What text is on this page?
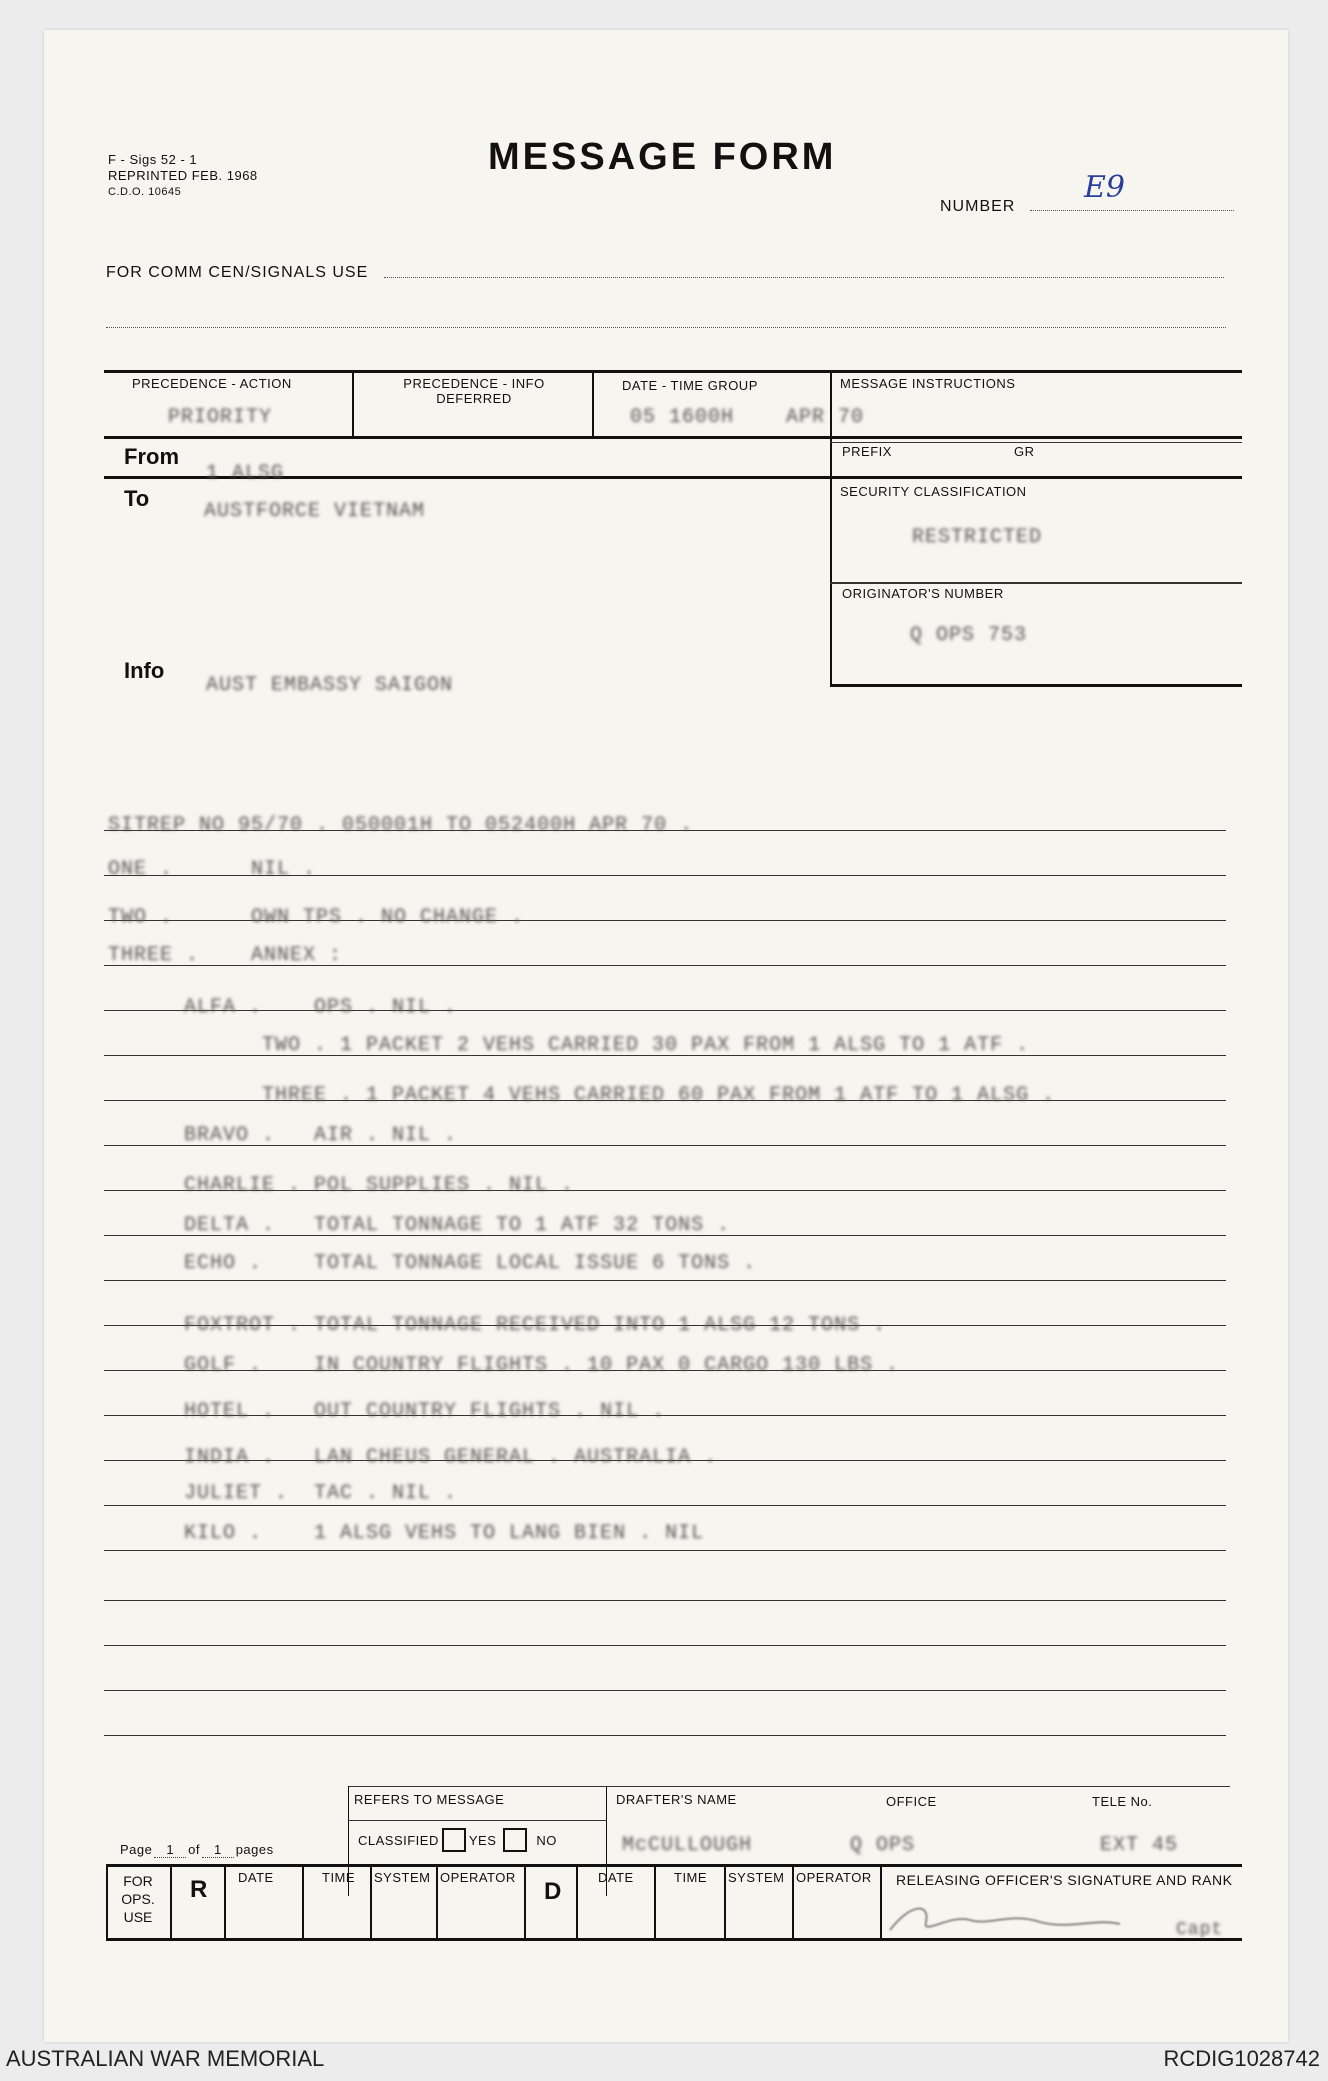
F - Sigs 52 - 1
REPRINTED FEB. 1968
C.D.O. 10645
MESSAGE FORM
NUMBER
E9
FOR COMM CEN/SIGNALS USE
PRECEDENCE - ACTION
PRIORITY
PRECEDENCE - INFO
DEFERRED
DATE - TIME GROUP
05 1600H	APR 70
MESSAGE INSTRUCTIONS
PREFIX	GR
SECURITY CLASSIFICATION
RESTRICTED
ORIGINATOR'S NUMBER
Q OPS 753
From
1 ALSG
To
AUSTFORCE VIETNAM
Info
AUST EMBASSY SAIGON
SITREP NO 95/70 . 050001H TO 052400H APR 70 .
ONE .      NIL .
TWO .      OWN TPS . NO CHANGE .
THREE .    ANNEX :
ALFA .    OPS . NIL .
TWO . 1 PACKET 2 VEHS CARRIED 30 PAX FROM 1 ALSG TO 1 ATF .
THREE . 1 PACKET 4 VEHS CARRIED 60 PAX FROM 1 ATF TO 1 ALSG .
BRAVO .   AIR . NIL .
CHARLIE . POL SUPPLIES . NIL .
DELTA .   TOTAL TONNAGE TO 1 ATF 32 TONS .
ECHO .    TOTAL TONNAGE LOCAL ISSUE 6 TONS .
FOXTROT . TOTAL TONNAGE RECEIVED INTO 1 ALSG 12 TONS .
GOLF .    IN COUNTRY FLIGHTS . 10 PAX 0 CARGO 130 LBS .
HOTEL .   OUT COUNTRY FLIGHTS . NIL .
INDIA .   LAN CHEUS GENERAL . AUSTRALIA .
JULIET .  TAC . NIL .
KILO .    1 ALSG VEHS TO LANG BIEN . NIL
REFERS TO MESSAGE
CLASSIFIED YES	NO
DRAFTER'S NAME
McCULLOUGH
OFFICE
Q OPS
TELE No.
EXT 45
Page	1	of	1	pages
FOR OPS. USE
R	D
DATE	TIME SYSTEM OPERATOR	DATE	TIME SYSTEM OPERATOR RELEASING OFFICER'S SIGNATURE AND RANK
Capt
AUSTRALIAN WAR MEMORIAL	RCDIG1028742
